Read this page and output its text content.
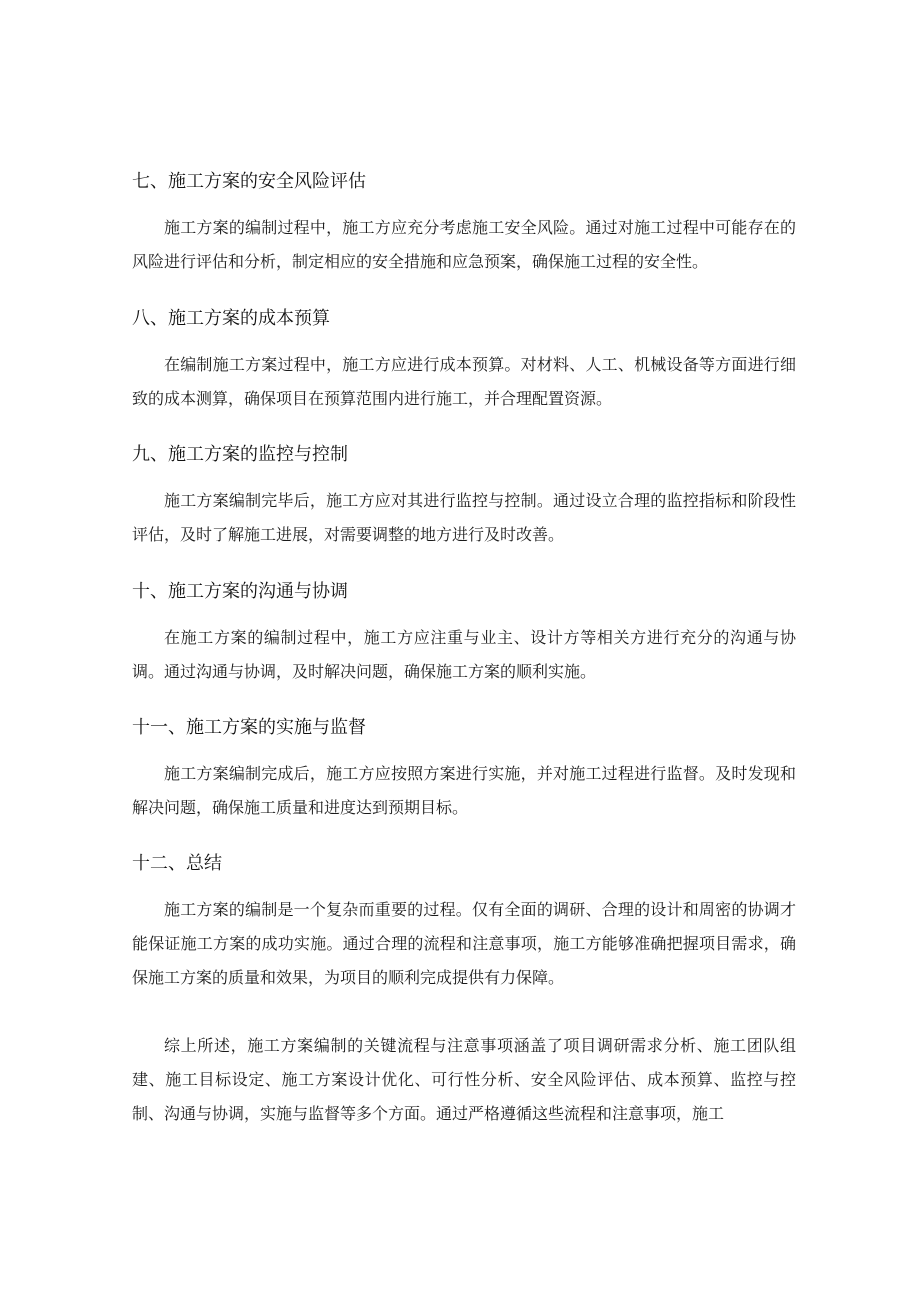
七、施工方案的安全风险评估

施工方案的编制过程中，施工方应充分考虑施工安全风险。通过对施工过程中可能存在的风险进行评估和分析，制定相应的安全措施和应急预案，确保施工过程的安全性。

八、施工方案的成本预算

在编制施工方案过程中，施工方应进行成本预算。对材料、人工、机械设备等方面进行细致的成本测算，确保项目在预算范围内进行施工，并合理配置资源。

九、施工方案的监控与控制

施工方案编制完毕后，施工方应对其进行监控与控制。通过设立合理的监控指标和阶段性评估，及时了解施工进展，对需要调整的地方进行及时改善。

十、施工方案的沟通与协调

在施工方案的编制过程中，施工方应注重与业主、设计方等相关方进行充分的沟通与协调。通过沟通与协调，及时解决问题，确保施工方案的顺利实施。

十一、施工方案的实施与监督

施工方案编制完成后，施工方应按照方案进行实施，并对施工过程进行监督。及时发现和解决问题，确保施工质量和进度达到预期目标。

十二、总结

施工方案的编制是一个复杂而重要的过程。仅有全面的调研、合理的设计和周密的协调才能保证施工方案的成功实施。通过合理的流程和注意事项，施工方能够准确把握项目需求，确保施工方案的质量和效果，为项目的顺利完成提供有力保障。

综上所述，施工方案编制的关键流程与注意事项涵盖了项目调研需求分析、施工团队组建、施工目标设定、施工方案设计优化、可行性分析、安全风险评估、成本预算、监控与控制、沟通与协调，实施与监督等多个方面。通过严格遵循这些流程和注意事项，施工
